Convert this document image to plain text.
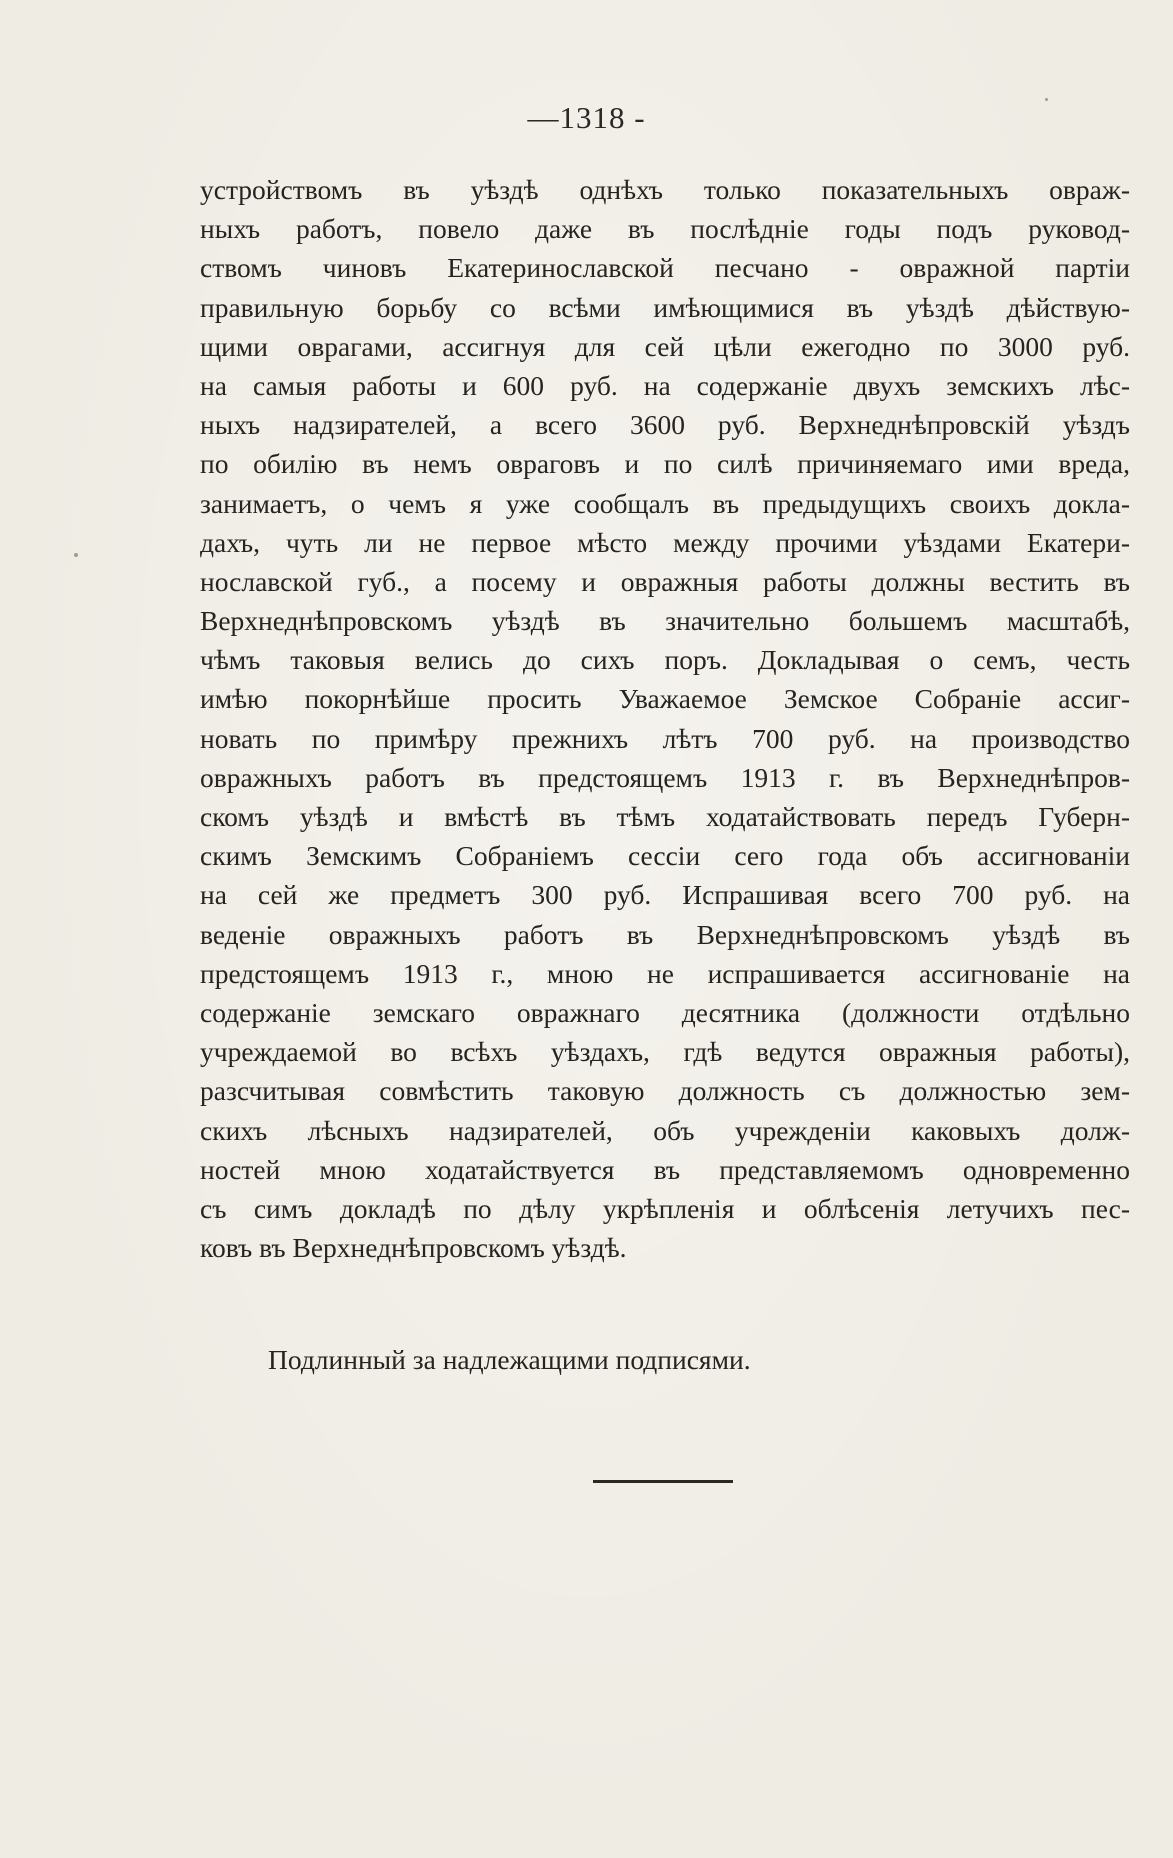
—1318 -
устройствомъ въ уѣздѣ однѣхъ только показательныхъ овраж-
ныхъ работъ, повело даже въ послѣдніе годы подъ руковод-
ствомъ чиновъ Екатеринославской песчано - овражной партіи
правильную борьбу со всѣми имѣющимися въ уѣздѣ дѣйствую-
щими оврагами, ассигнуя для сей цѣли ежегодно по 3000 руб.
на самыя работы и 600 руб. на содержаніе двухъ земскихъ лѣс-
ныхъ надзирателей, а всего 3600 руб. Верхнеднѣпровскій уѣздъ
по обилію въ немъ овраговъ и по силѣ причиняемаго ими вреда,
занимаетъ, о чемъ я уже сообщалъ въ предыдущихъ своихъ докла-
дахъ, чуть ли не первое мѣсто между прочими уѣздами Екатери-
нославской губ., а посему и овражныя работы должны вестить въ
Верхнеднѣпровскомъ уѣздѣ въ значительно большемъ масштабѣ,
чѣмъ таковыя велись до сихъ поръ. Докладывая о семъ, честь
имѣю покорнѣйше просить Уважаемое Земское Собраніе ассиг-
новать по примѣру прежнихъ лѣтъ 700 руб. на производство
овражныхъ работъ въ предстоящемъ 1913 г. въ Верхнеднѣпров-
скомъ уѣздѣ и вмѣстѣ въ тѣмъ ходатайствовать передъ Губерн-
скимъ Земскимъ Собраніемъ сессіи сего года объ ассигнованіи
на сей же предметъ 300 руб. Испрашивая всего 700 руб. на
веденіе овражныхъ работъ въ Верхнеднѣпровскомъ уѣздѣ въ
предстоящемъ 1913 г., мною не испрашивается ассигнованіе на
содержаніе земскаго овражнаго десятника (должности отдѣльно
учреждаемой во всѣхъ уѣздахъ, гдѣ ведутся овражныя работы),
разсчитывая совмѣстить таковую должность съ должностью зем-
скихъ лѣсныхъ надзирателей, объ учрежденіи каковыхъ долж-
ностей мною ходатайствуется въ представляемомъ одновременно
съ симъ докладѣ по дѣлу укрѣпленія и облѣсенія летучихъ пес-
ковъ въ Верхнеднѣпровскомъ уѣздѣ.
Подлинный за надлежащими подписями.
